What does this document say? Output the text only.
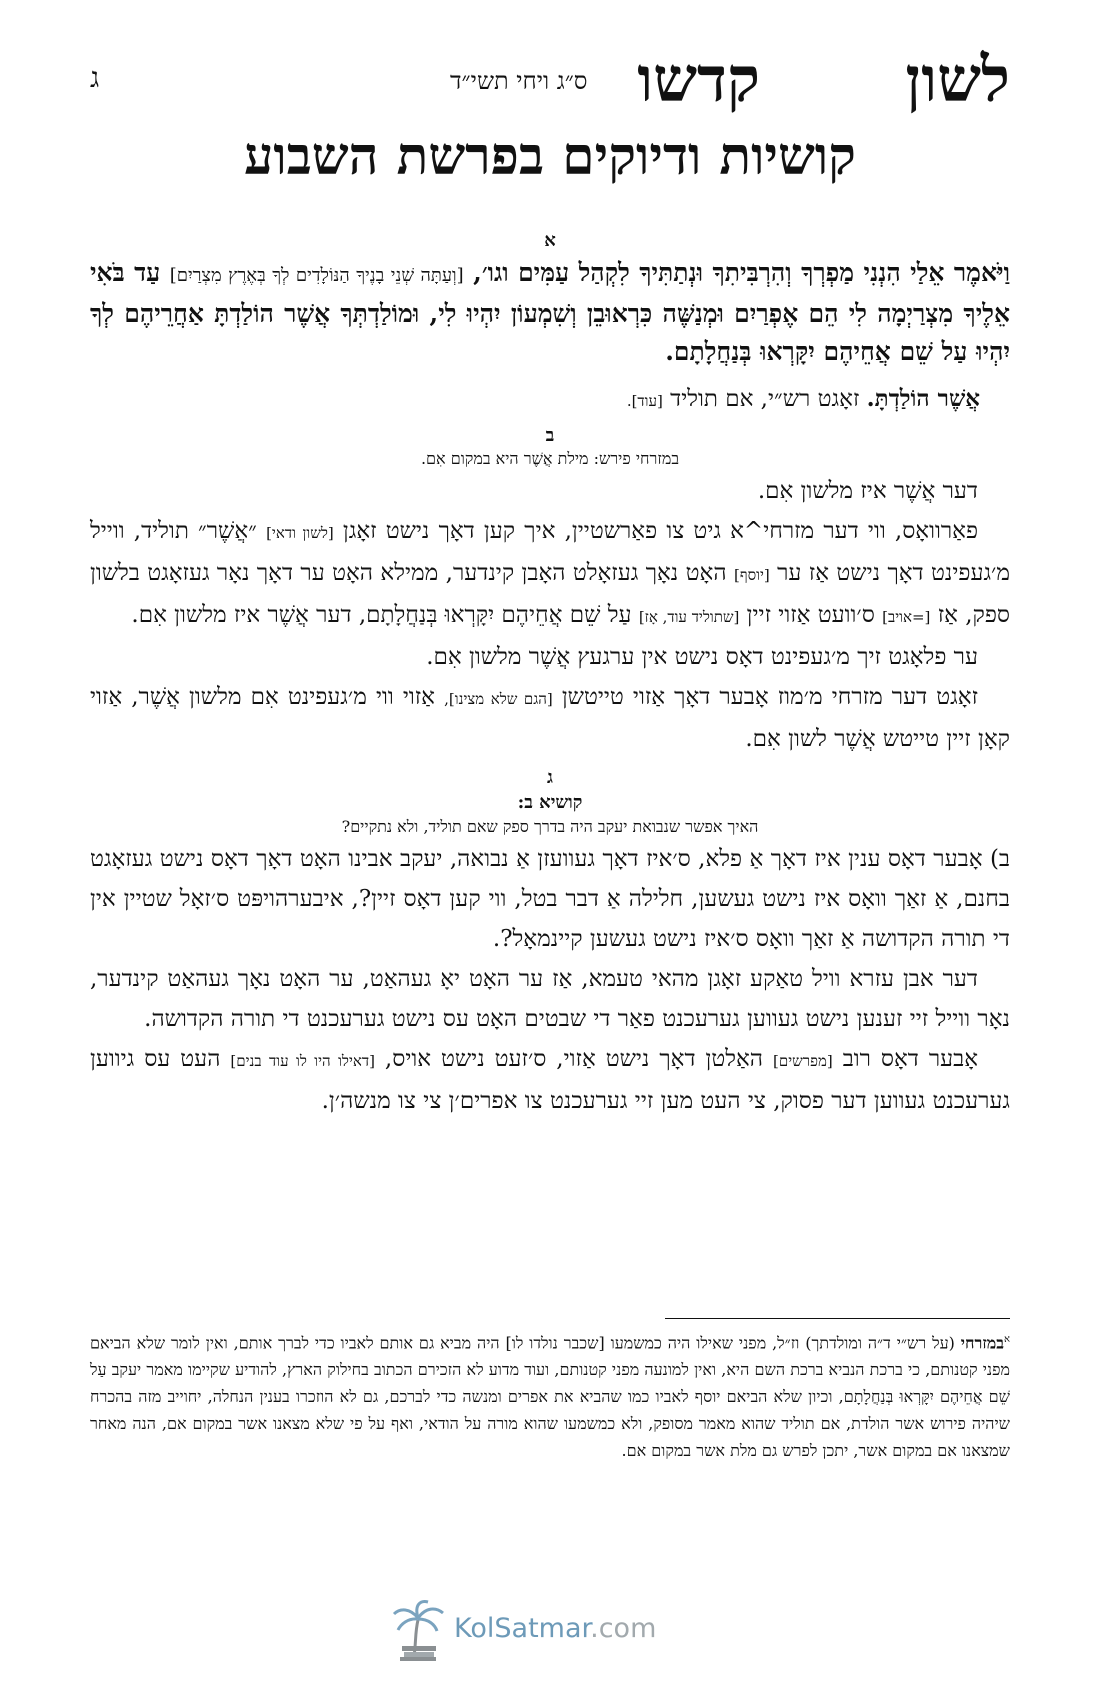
לשון
קדשו
ס״ג ויחי תשי״ד
ג
קושיות ודיוקים בפרשת השבוע

א

וַיֹּאמֶר אֵלַי הִנְנִי מַפְרְךָ וְהִרְבִּיתִךָ וּנְתַתִּיךָ לִקְהַל עַמִּים וגו׳, [וְעַתָּה שְׁנֵי בָנֶיךָ הַנּוֹלָדִים לְךָ בְּאֶרֶץ מִצְרַיִם] עַד בֹּאִי אֵלֶיךָ מִצְרַיְמָה לִי הֵם אֶפְרַיִם וּמְנַשֶּׁה כִּרְאוּבֵן וְשִׁמְעוֹן יִהְיוּ לִי, וּמוֹלַדְתְּךָ אֲשֶׁר הוֹלַדְתָּ אַחֲרֵיהֶם לְךָ יִהְיוּ עַל שֵׁם אֲחֵיהֶם יִקָּרְאוּ בְּנַחֲלָתָם.

אֲשֶׁר הוֹלַדְתָּ. זאָגט רש״י, אם תוליד [עוד].

ב

במזרחי פירש: מילת אֲשֶׁר היא במקום אִם.

דער אֲשֶׁר איז מלשון אִם.

פאַרוואָס, ווי דער מזרחי^א גיט צו פאַרשטיין, איך קען דאָך נישט זאָגן [לשון ודאי] ״אֲשֶׁר״ תוליד, ווייל מ׳געפינט דאָך נישט אַז ער [יוסף] האָט נאָך געזאָלט האָבן קינדער, ממילא האָט ער דאָך נאָר געזאָגט בלשון ספק, אַז [=אויב] ס׳וועט אַזוי זיין [שתוליד עוד, אָז] עַל שֵׁם אֲחֵיהֶם יִקָּרְאוּ בְּנַחֲלָתָם, דער אֲשֶׁר איז מלשון אִם.

ער פלאָגט זיך מ׳געפינט דאָס נישט אין ערגעץ אֲשֶׁר מלשון אִם.

זאָגט דער מזרחי מ׳מוז אָבער דאָך אַזוי טייטשן [הגם שלא מצינו], אַזוי ווי מ׳געפינט אִם מלשון אֲשֶׁר, אַזוי קאָן זיין טייטש אֲשֶׁר לשון אִם.

ג

קושיא ב:

האיך אפשר שנבואת יעקב היה בדרך ספק שאם תוליד, ולא נתקיים?

ב) אָבער דאָס ענין איז דאָך אַ פלא, ס׳איז דאָך געוועזן אַ נבואה, יעקב אבינו האָט דאָך דאָס נישט געזאָגט בחנם, אַ זאַך וואָס איז נישט געשען, חלילה אַ דבר בטל, ווי קען דאָס זיין?, איבערהויפּט ס׳זאָל שטיין אין די תורה הקדושה אַ זאַך וואָס ס׳איז נישט געשען קיינמאָל?.

דער אבן עזרא וויל טאַקע זאָגן מהאי טעמא, אַז ער האָט יאָ געהאַט, ער האָט נאָך געהאַט קינדער, נאָר ווייל זיי זענען נישט געווען גערעכנט פאַר די שבטים האָט עס נישט גערעכנט די תורה הקדושה.

אָבער דאָס רוב [מפרשים] האַלטן דאָך נישט אַזוי, ס׳זעט נישט אויס, [דאילו היו לו עוד בנים] העט עס גיווען גערעכנט געווען דער פסוק, צי העט מען זיי גערעכנט צו אפרים׳ן צי צו מנשה׳ן.

$^א$במזרחי (על רש״י ד״ה ומולדתך) וז״ל, מפני שאילו היה כמשמעו [שכבר נולדו לו] היה מביא גם אותם לאביו כדי לברך אותם, ואין לומר שלא הביאם מפני קטנותם, כי ברכת הנביא ברכת השם היא, ואין למונעה מפני קטנותם, ועוד מדוע לא הזכירם הכתוב בחילוק הארץ, להודיע שקיימו מאמר יעקב עַל שֵׁם אֲחֵיהֶם יִקָּרְאוּ בְּנַחֲלָתָם, וכיון שלא הביאם יוסף לאביו כמו שהביא את אפרים ומנשה כדי לברכם, גם לא הוזכרו בענין הנחלה, יחוייב מזה בהכרח שיהיה פירוש אשר הולדת, אם תוליד שהוא מאמר מסופק, ולא כמשמעו שהוא מורה על הודאי, ואף על פי שלא מצאנו אשר במקום אם, הנה מאחר שמצאנו אם במקום אשר, יתכן לפרש גם מלת אשר במקום אם.

KolSatmar.com
